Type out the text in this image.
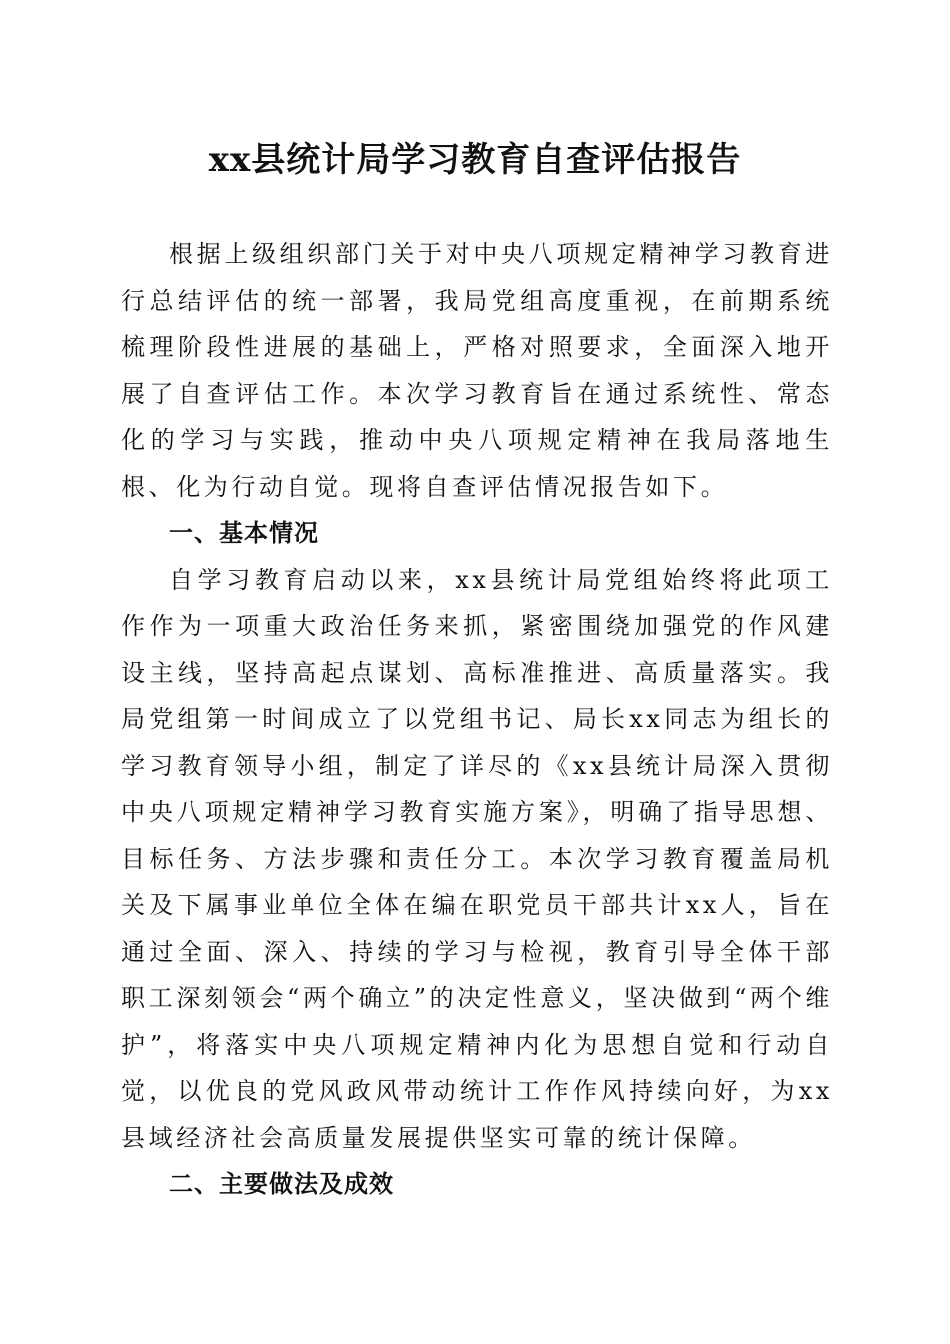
xx县统计局学习教育自查评估报告

根据上级组织部门关于对中央八项规定精神学习教育进行总结评估的统一部署，我局党组高度重视，在前期系统梳理阶段性进展的基础上，严格对照要求，全面深入地开展了自查评估工作。本次学习教育旨在通过系统性、常态化的学习与实践，推动中央八项规定精神在我局落地生根、化为行动自觉。现将自查评估情况报告如下。

一、基本情况

自学习教育启动以来，xx县统计局党组始终将此项工作作为一项重大政治任务来抓，紧密围绕加强党的作风建设主线，坚持高起点谋划、高标准推进、高质量落实。我局党组第一时间成立了以党组书记、局长xx同志为组长的学习教育领导小组，制定了详尽的《xx县统计局深入贯彻中央八项规定精神学习教育实施方案》，明确了指导思想、目标任务、方法步骤和责任分工。本次学习教育覆盖局机关及下属事业单位全体在编在职党员干部共计xx人，旨在通过全面、深入、持续的学习与检视，教育引导全体干部职工深刻领会“两个确立”的决定性意义，坚决做到“两个维护”，将落实中央八项规定精神内化为思想自觉和行动自觉，以优良的党风政风带动统计工作作风持续向好，为xx县域经济社会高质量发展提供坚实可靠的统计保障。

二、主要做法及成效
